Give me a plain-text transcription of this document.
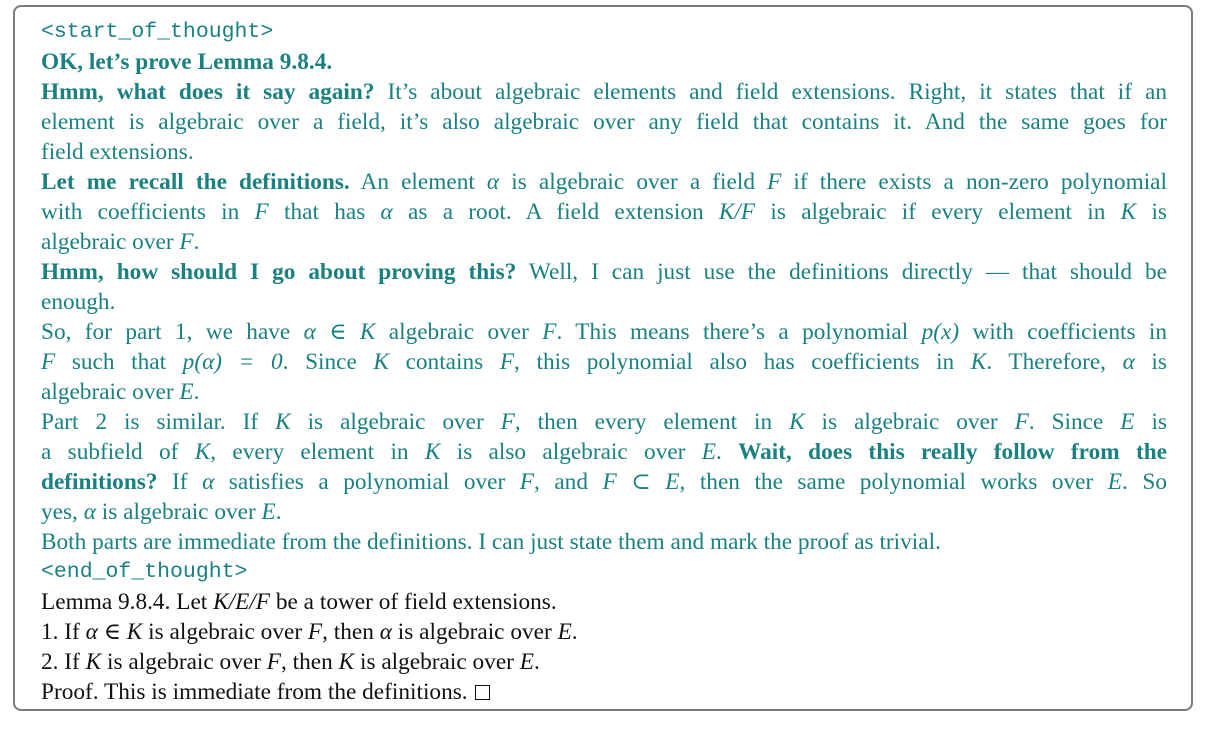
<start_of_thought>
OK, let’s prove Lemma 9.8.4.
Hmm, what does it say again? It’s about algebraic elements and field extensions. Right, it states that if an
element is algebraic over a field, it’s also algebraic over any field that contains it. And the same goes for
field extensions.
Let me recall the definitions. An element α is algebraic over a field F if there exists a non-zero polynomial
with coefficients in F that has α as a root. A field extension K/F is algebraic if every element in K is
algebraic over F.
Hmm, how should I go about proving this? Well, I can just use the definitions directly — that should be
enough.
So, for part 1, we have α ∈ K algebraic over F. This means there’s a polynomial p(x) with coefficients in
F such that p(α) = 0. Since K contains F, this polynomial also has coefficients in K. Therefore, α is
algebraic over E.
Part 2 is similar. If K is algebraic over F, then every element in K is algebraic over F. Since E is
a subfield of K, every element in K is also algebraic over E. Wait, does this really follow from the
definitions? If α satisfies a polynomial over F, and F ⊂ E, then the same polynomial works over E. So
yes, α is algebraic over E.
Both parts are immediate from the definitions. I can just state them and mark the proof as trivial.
<end_of_thought>
Lemma 9.8.4. Let K/E/F be a tower of field extensions.
1. If α ∈ K is algebraic over F, then α is algebraic over E.
2. If K is algebraic over F, then K is algebraic over E.
Proof. This is immediate from the definitions.
